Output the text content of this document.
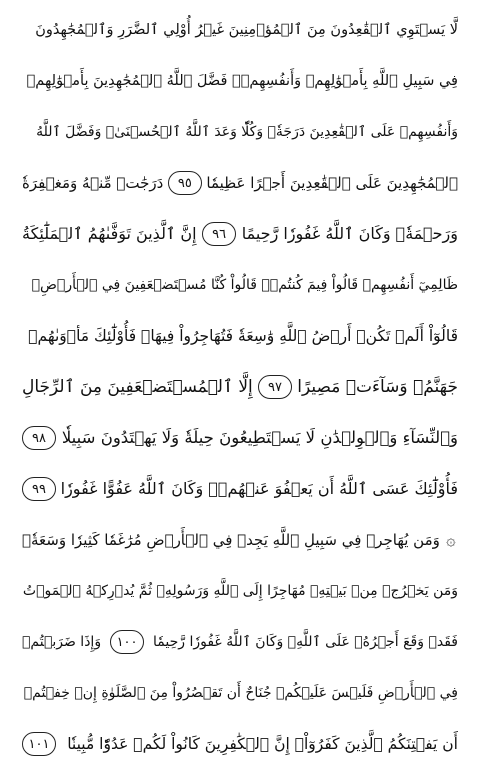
لَّا يَسۡتَوِي ٱلۡقَٰعِدُونَ مِنَ ٱلۡمُؤۡمِنِينَ غَيۡرُ أُوْلِي ٱلضَّرَرِ وَٱلۡمُجَٰهِدُونَ
فِي سَبِيلِ ٱللَّهِ بِأَمۡوَٰلِهِمۡ وَأَنفُسِهِمۡۚ فَضَّلَ ٱللَّهُ ٱلۡمُجَٰهِدِينَ بِأَمۡوَٰلِهِمۡ
وَأَنفُسِهِمۡ عَلَى ٱلۡقَٰعِدِينَ دَرَجَةٗۚ وَكُلّٗا وَعَدَ ٱللَّهُ ٱلۡحُسۡنَىٰۚ وَفَضَّلَ ٱللَّهُ
ٱلۡمُجَٰهِدِينَ عَلَى ٱلۡقَٰعِدِينَ أَجۡرًا عَظِيمٗا
٩٥
دَرَجَٰتٖ مِّنۡهُ وَمَغۡفِرَةٗ
وَرَحۡمَةٗۚ وَكَانَ ٱللَّهُ غَفُورٗا رَّحِيمًا
٩٦
إِنَّ ٱلَّذِينَ تَوَفَّىٰهُمُ ٱلۡمَلَٰٓئِكَةُ
ظَالِمِيٓ أَنفُسِهِمۡ قَالُواْ فِيمَ كُنتُمۡۖ قَالُواْ كُنَّا مُسۡتَضۡعَفِينَ فِي ٱلۡأَرۡضِۚ
قَالُوٓاْ أَلَمۡ تَكُنۡ أَرۡضُ ٱللَّهِ وَٰسِعَةٗ فَتُهَاجِرُواْ فِيهَاۚ فَأُوْلَٰٓئِكَ مَأۡوَىٰهُمۡ
جَهَنَّمُۖ وَسَآءَتۡ مَصِيرًا
٩٧
إِلَّا ٱلۡمُسۡتَضۡعَفِينَ مِنَ ٱلرِّجَالِ
وَٱلنِّسَآءِ وَٱلۡوِلۡدَٰنِ لَا يَسۡتَطِيعُونَ حِيلَةٗ وَلَا يَهۡتَدُونَ سَبِيلٗا
٩٨
فَأُوْلَٰٓئِكَ عَسَى ٱللَّهُ أَن يَعۡفُوَ عَنۡهُمۡۚ وَكَانَ ٱللَّهُ عَفُوًّا غَفُورٗا
٩٩
۞
وَمَن يُهَاجِرۡ فِي سَبِيلِ ٱللَّهِ يَجِدۡ فِي ٱلۡأَرۡضِ مُرَٰغَمٗا كَثِيرٗا وَسَعَةٗۚ
وَمَن يَخۡرُجۡ مِنۢ بَيۡتِهِۦ مُهَاجِرًا إِلَى ٱللَّهِ وَرَسُولِهِۦ ثُمَّ يُدۡرِكۡهُ ٱلۡمَوۡتُ
فَقَدۡ وَقَعَ أَجۡرُهُۥ عَلَى ٱللَّهِۗ وَكَانَ ٱللَّهُ غَفُورٗا رَّحِيمٗا
١٠٠
وَإِذَا ضَرَبۡتُمۡ
فِي ٱلۡأَرۡضِ فَلَيۡسَ عَلَيۡكُمۡ جُنَاحٌ أَن تَقۡصُرُواْ مِنَ ٱلصَّلَوٰةِ إِنۡ خِفۡتُمۡ
أَن يَفۡتِنَكُمُ ٱلَّذِينَ كَفَرُوٓاْۚ إِنَّ ٱلۡكَٰفِرِينَ كَانُواْ لَكُمۡ عَدُوّٗا مُّبِينٗا
١٠١
